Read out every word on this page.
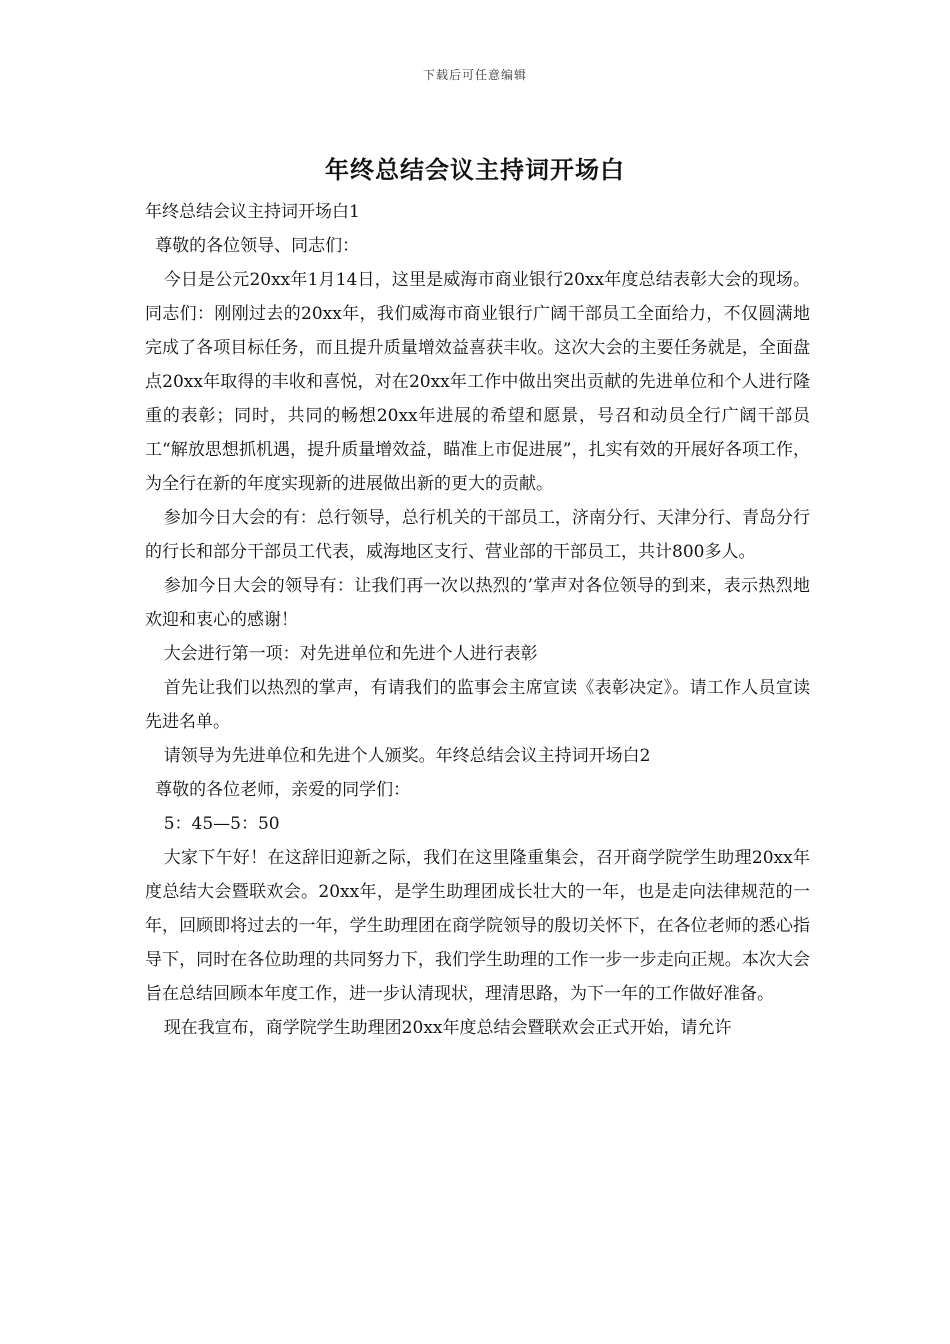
下载后可任意编辑
年终总结会议主持词开场白

年终总结会议主持词开场白1

尊敬的各位领导、同志们：

今日是公元20xx年1月14日，这里是威海市商业银行20xx年度总结表彰大会的现场。同志们：刚刚过去的20xx年，我们威海市商业银行广阔干部员工全面给力，不仅圆满地完成了各项目标任务，而且提升质量增效益喜获丰收。这次大会的主要任务就是，全面盘点20xx年取得的丰收和喜悦，对在20xx年工作中做出突出贡献的先进单位和个人进行隆重的表彰；同时，共同的畅想20xx年进展的希望和愿景，号召和动员全行广阔干部员工“解放思想抓机遇，提升质量增效益，瞄准上市促进展”，扎实有效的开展好各项工作，为全行在新的年度实现新的进展做出新的更大的贡献。

参加今日大会的有：总行领导，总行机关的干部员工，济南分行、天津分行、青岛分行的行长和部分干部员工代表，威海地区支行、营业部的干部员工，共计800多人。

参加今日大会的领导有：让我们再一次以热烈的’掌声对各位领导的到来，表示热烈地欢迎和衷心的感谢！

大会进行第一项：对先进单位和先进个人进行表彰

首先让我们以热烈的掌声，有请我们的监事会主席宣读《表彰决定》。请工作人员宣读先进名单。

请领导为先进单位和先进个人颁奖。年终总结会议主持词开场白2

尊敬的各位老师，亲爱的同学们：

5：45—5：50

大家下午好！在这辞旧迎新之际，我们在这里隆重集会，召开商学院学生助理20xx年度总结大会暨联欢会。20xx年，是学生助理团成长壮大的一年，也是走向法律规范的一年，回顾即将过去的一年，学生助理团在商学院领导的殷切关怀下，在各位老师的悉心指导下，同时在各位助理的共同努力下，我们学生助理的工作一步一步走向正规。本次大会旨在总结回顾本年度工作，进一步认清现状，理清思路，为下一年的工作做好准备。

现在我宣布，商学院学生助理团20xx年度总结会暨联欢会正式开始，请允许
